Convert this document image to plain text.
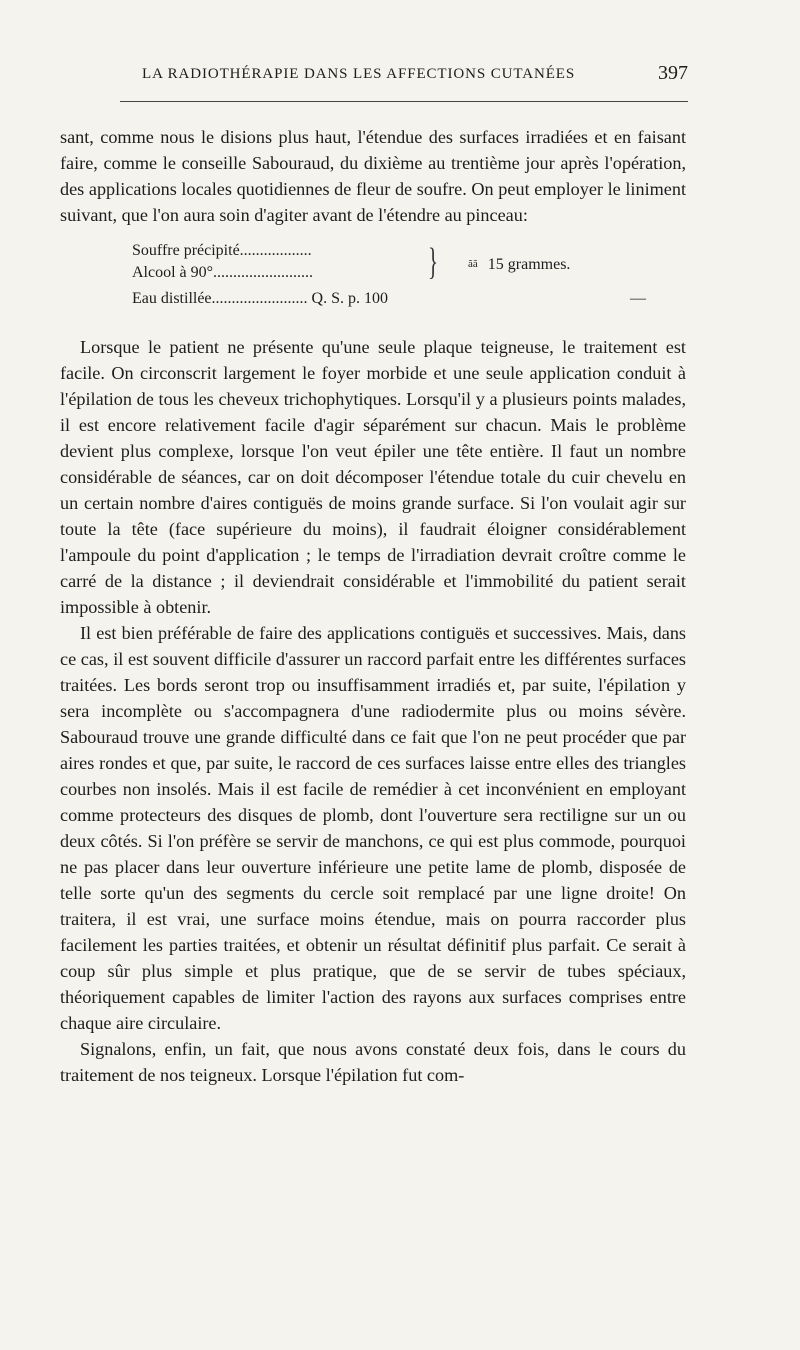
LA RADIOTHÉRAPIE DANS LES AFFECTIONS CUTANÉES	397

sant, comme nous le disions plus haut, l'étendue des surfaces irradiées et en faisant faire, comme le conseille Sabouraud, du dixième au trentième jour après l'opération, des applications locales quotidiennes de fleur de soufre. On peut employer le liniment suivant, que l'on aura soin d'agiter avant de l'étendre au pinceau:

Souffre précipité..................
Alcool à 90°.........................	}	ãã 15 grammes.
Eau distillée........................ Q. S. p. 100	—

Lorsque le patient ne présente qu'une seule plaque teigneuse, le traitement est facile. On circonscrit largement le foyer morbide et une seule application conduit à l'épilation de tous les cheveux trichophytiques. Lorsqu'il y a plusieurs points malades, il est encore relativement facile d'agir séparément sur chacun. Mais le problème devient plus complexe, lorsque l'on veut épiler une tête entière. Il faut un nombre considérable de séances, car on doit décomposer l'étendue totale du cuir chevelu en un certain nombre d'aires contiguës de moins grande surface. Si l'on voulait agir sur toute la tête (face supérieure du moins), il faudrait éloigner considérablement l'ampoule du point d'application ; le temps de l'irradiation devrait croître comme le carré de la distance ; il deviendrait considérable et l'immobilité du patient serait impossible à obtenir.

Il est bien préférable de faire des applications contiguës et successives. Mais, dans ce cas, il est souvent difficile d'assurer un raccord parfait entre les différentes surfaces traitées. Les bords seront trop ou insuffisamment irradiés et, par suite, l'épilation y sera incomplète ou s'accompagnera d'une radiodermite plus ou moins sévère. Sabouraud trouve une grande difficulté dans ce fait que l'on ne peut procéder que par aires rondes et que, par suite, le raccord de ces surfaces laisse entre elles des triangles courbes non insolés. Mais il est facile de remédier à cet inconvénient en employant comme protecteurs des disques de plomb, dont l'ouverture sera rectiligne sur un ou deux côtés. Si l'on préfère se servir de manchons, ce qui est plus commode, pourquoi ne pas placer dans leur ouverture inférieure une petite lame de plomb, disposée de telle sorte qu'un des segments du cercle soit remplacé par une ligne droite! On traitera, il est vrai, une surface moins étendue, mais on pourra raccorder plus facilement les parties traitées, et obtenir un résultat définitif plus parfait. Ce serait à coup sûr plus simple et plus pratique, que de se servir de tubes spéciaux, théoriquement capables de limiter l'action des rayons aux surfaces comprises entre chaque aire circulaire.

Signalons, enfin, un fait, que nous avons constaté deux fois, dans le cours du traitement de nos teigneux. Lorsque l'épilation fut com-
